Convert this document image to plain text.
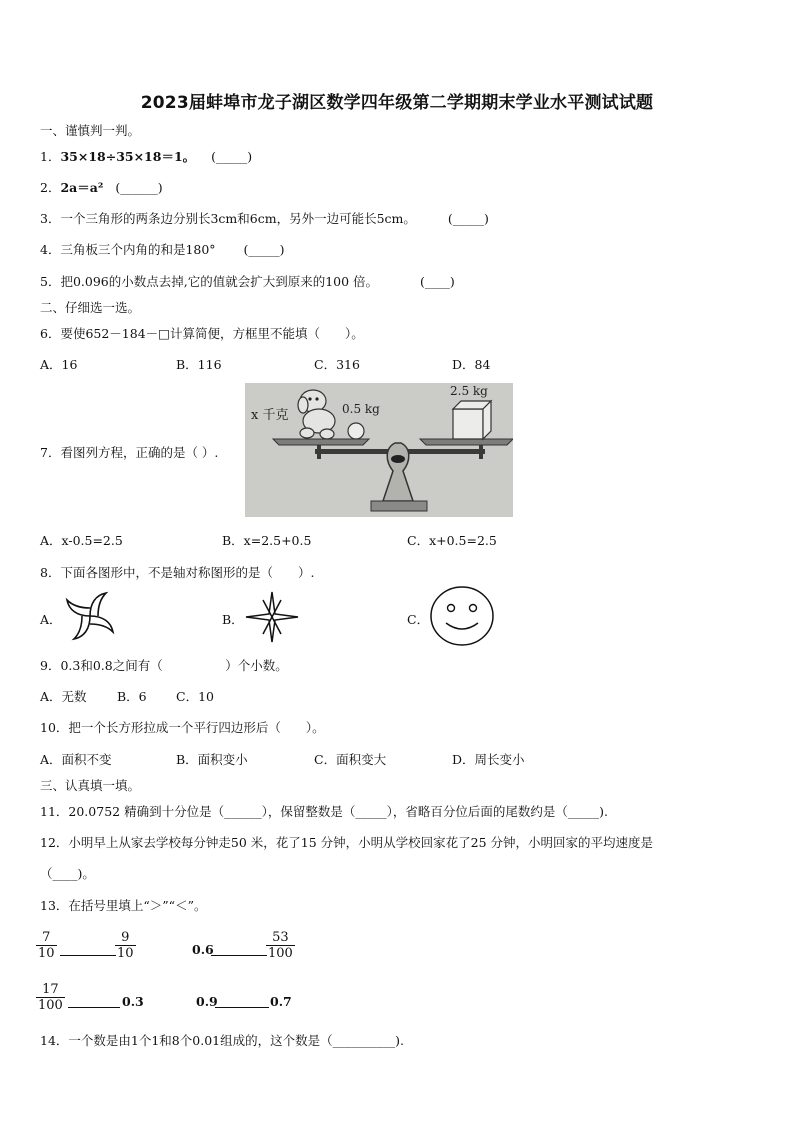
2023届蚌埠市龙子湖区数学四年级第二学期期末学业水平测试试题
一、谨慎判一判。
1．35×18÷35×18＝1。 (_____)
2．2a＝a² (______)
3．一个三角形的两条边分别长3cm和6cm，另外一边可能长5cm。	(_____)
4．三角板三个内角的和是180° (_____)
5．把0.096的小数点去掉,它的值就会扩大到原来的100 倍。	(____)
二、仔细选一选。
6．要使652－184－□计算简便，方框里不能填（　　）。
A．16	B．116	C．316	D．84
7．看图列方程，正确的是（ ）.
x 千克	0.5 kg
2.5 kg
A．x-0.5=2.5	B．x=2.5+0.5	C．x+0.5=2.5
8．下面各图形中，不是轴对称图形的是（　　）.
A．	B．	C．
9．0.3和0.8之间有（　　　　　）个小数。
A．无数 B．6 C．10
10．把一个长方形拉成一个平行四边形后（　　）。
A．面积不变	B．面积变小	C．面积变大	D．周长变小
三、认真填一填。
11．20.0752 精确到十分位是（______），保留整数是（_____），省略百分位后面的尾数约是（_____).
12．小明早上从家去学校每分钟走50 米，花了15 分钟，小明从学校回家花了25 分钟，小明回家的平均速度是
（____)。
13．在括号里填上“＞”“＜”。
$\frac{7}{10}$	$\frac{9}{10}$	0.6	$\frac{53}{100}$
$\frac{17}{100}$	0.3	0.9	0.7
14．一个数是由1个1和8个0.01组成的，这个数是（__________).
